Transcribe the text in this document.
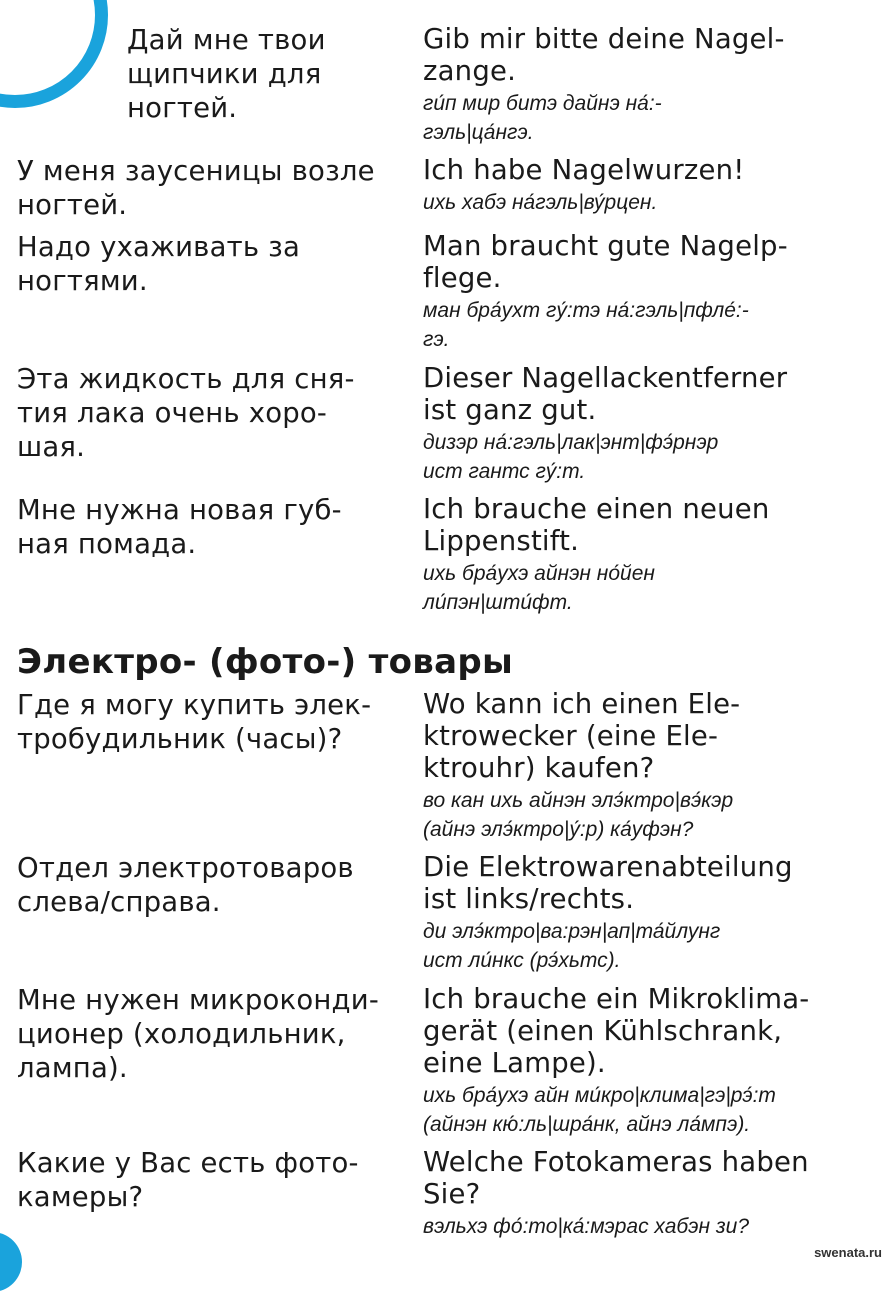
Дай мне твои
щипчики для
ногтей.

Gib mir bitte deine Nagel-
zange.

ги́п мир битэ дайнэ на́:-
гэль|ца́нгэ.

У меня заусеницы возле
ногтей.

Ich habe Nagelwurzen!

ихь хабэ на́гэль|ву́рцен.

Надо ухаживать за
ногтями.

Man braucht gute Nagelp-
flege.

ман бра́ухт гу́:тэ на́:гэль|пфле́:-
гэ.

Эта жидкость для сня-
тия лака очень хоро-
шая.

Dieser Nagellackentferner
ist ganz gut.

дизэр на́:гэль|лак|энт|фэ́рнэр
ист гантс гу́:т.

Мне нужна новая губ-
ная помада.

Ich brauche einen neuen
Lippenstift.

ихь бра́ухэ айнэн но́йен
ли́пэн|шти́фт.

Электро- (фото-) товары

Где я могу купить элек-
тробудильник (часы)?

Wo kann ich einen Ele-
ktrowecker (eine Ele-
ktrouhr) kaufen?

во кан ихь айнэн элэ́ктро|вэ́кэр
(айнэ элэ́ктро|у́:р) ка́уфэн?

Отдел электротоваров
слева/справа.

Die Elektrowarenabteilung
ist links/rechts.

ди элэ́ктро|ва:рэн|ап|та́йлунг
ист ли́нкс (рэ́хьтс).

Мне нужен микроконди-
ционер (холодильник,
лампа).

Ich brauche ein Mikroklima-
gerät (einen Kühlschrank,
eine Lampe).

ихь бра́ухэ айн ми́кро|клима|гэ|рэ́:т
(айнэн кю́:ль|шра́нк, айнэ ла́мпэ).

Какие у Вас есть фото-
камеры?

Welche Fotokameras haben
Sie?

вэльхэ фо́:то|ка́:мэрас хабэн зи?

swenata.ru
